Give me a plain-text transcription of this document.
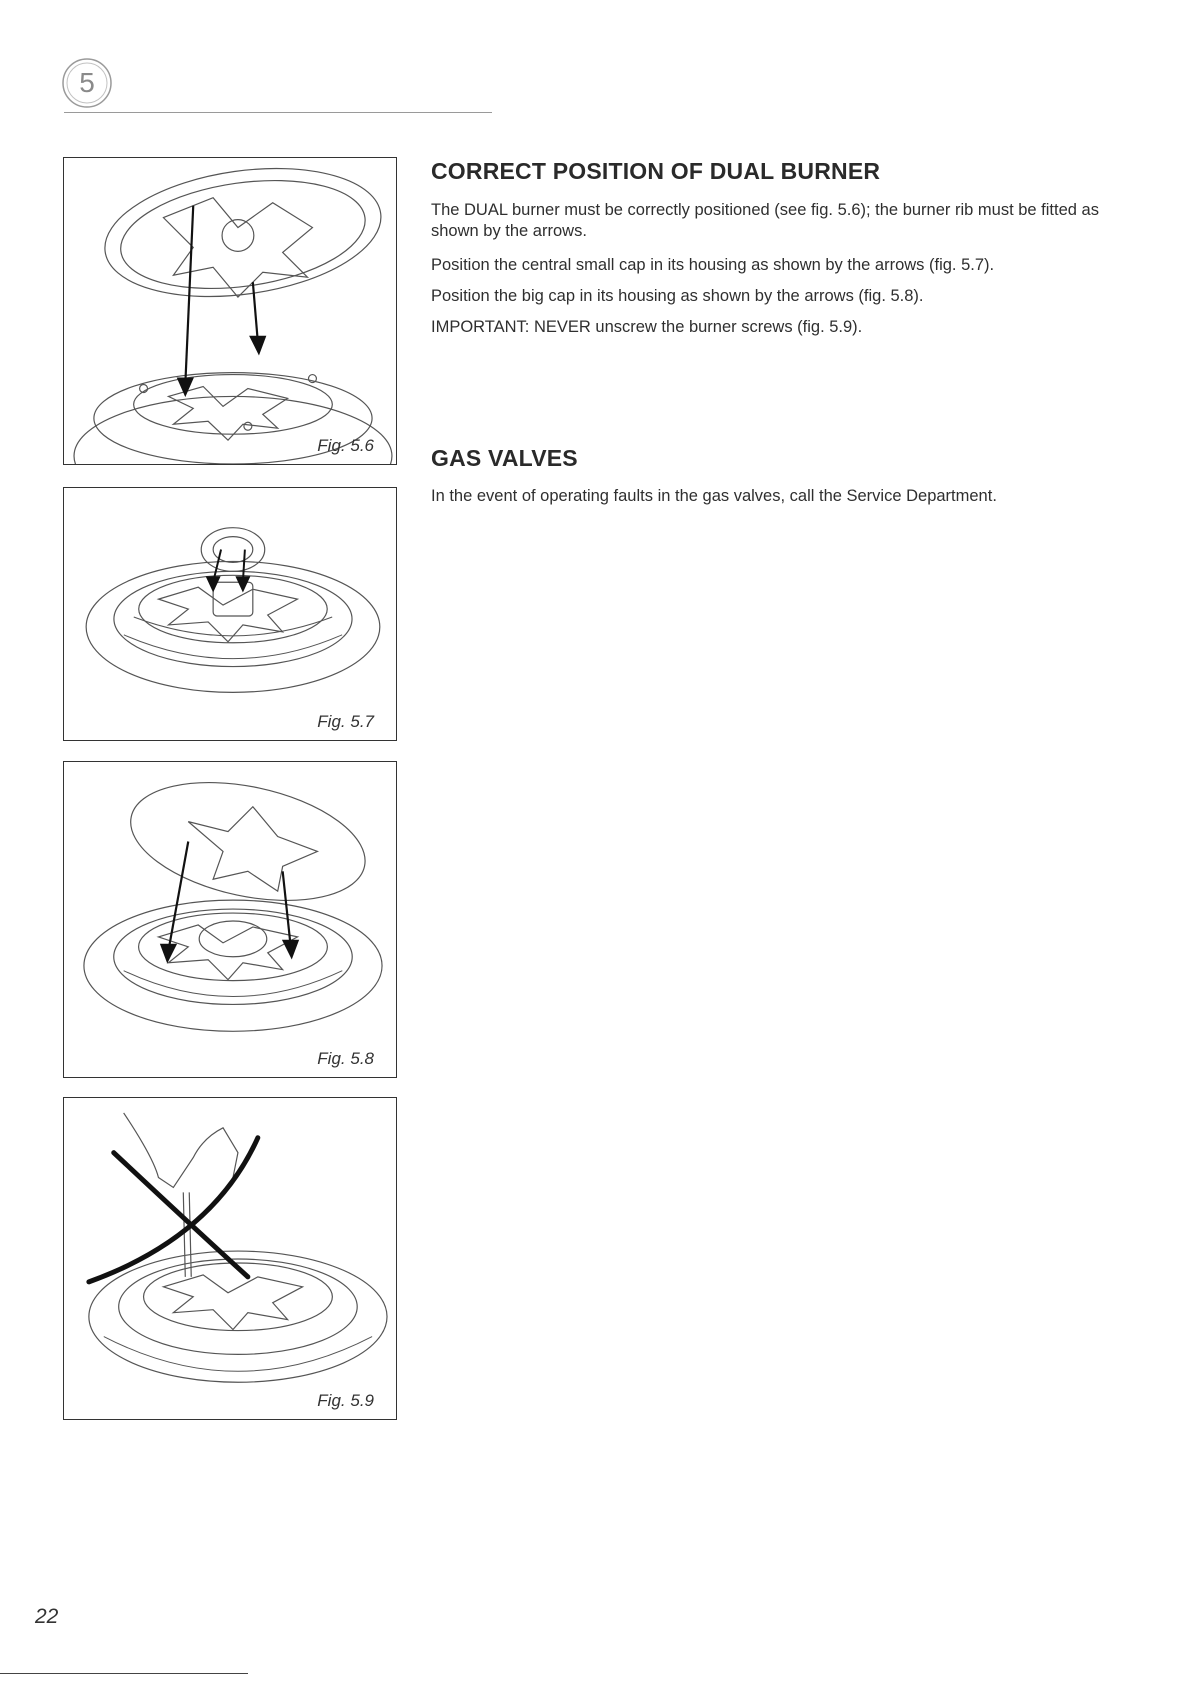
5
Fig. 5.6
Fig. 5.7
Fig. 5.8
Fig. 5.9
CORRECT POSITION OF DUAL BURNER

The DUAL burner must be correctly positioned (see fig. 5.6); the burner rib must be fitted as shown by the arrows.

Position the central small cap in its housing as shown by the arrows (fig. 5.7).

Position the big cap in its housing as shown by the arrows (fig. 5.8).

IMPORTANT: NEVER unscrew the burner screws (fig. 5.9).

GAS VALVES

In the event of operating faults in the gas valves, call the Service Department.

22
